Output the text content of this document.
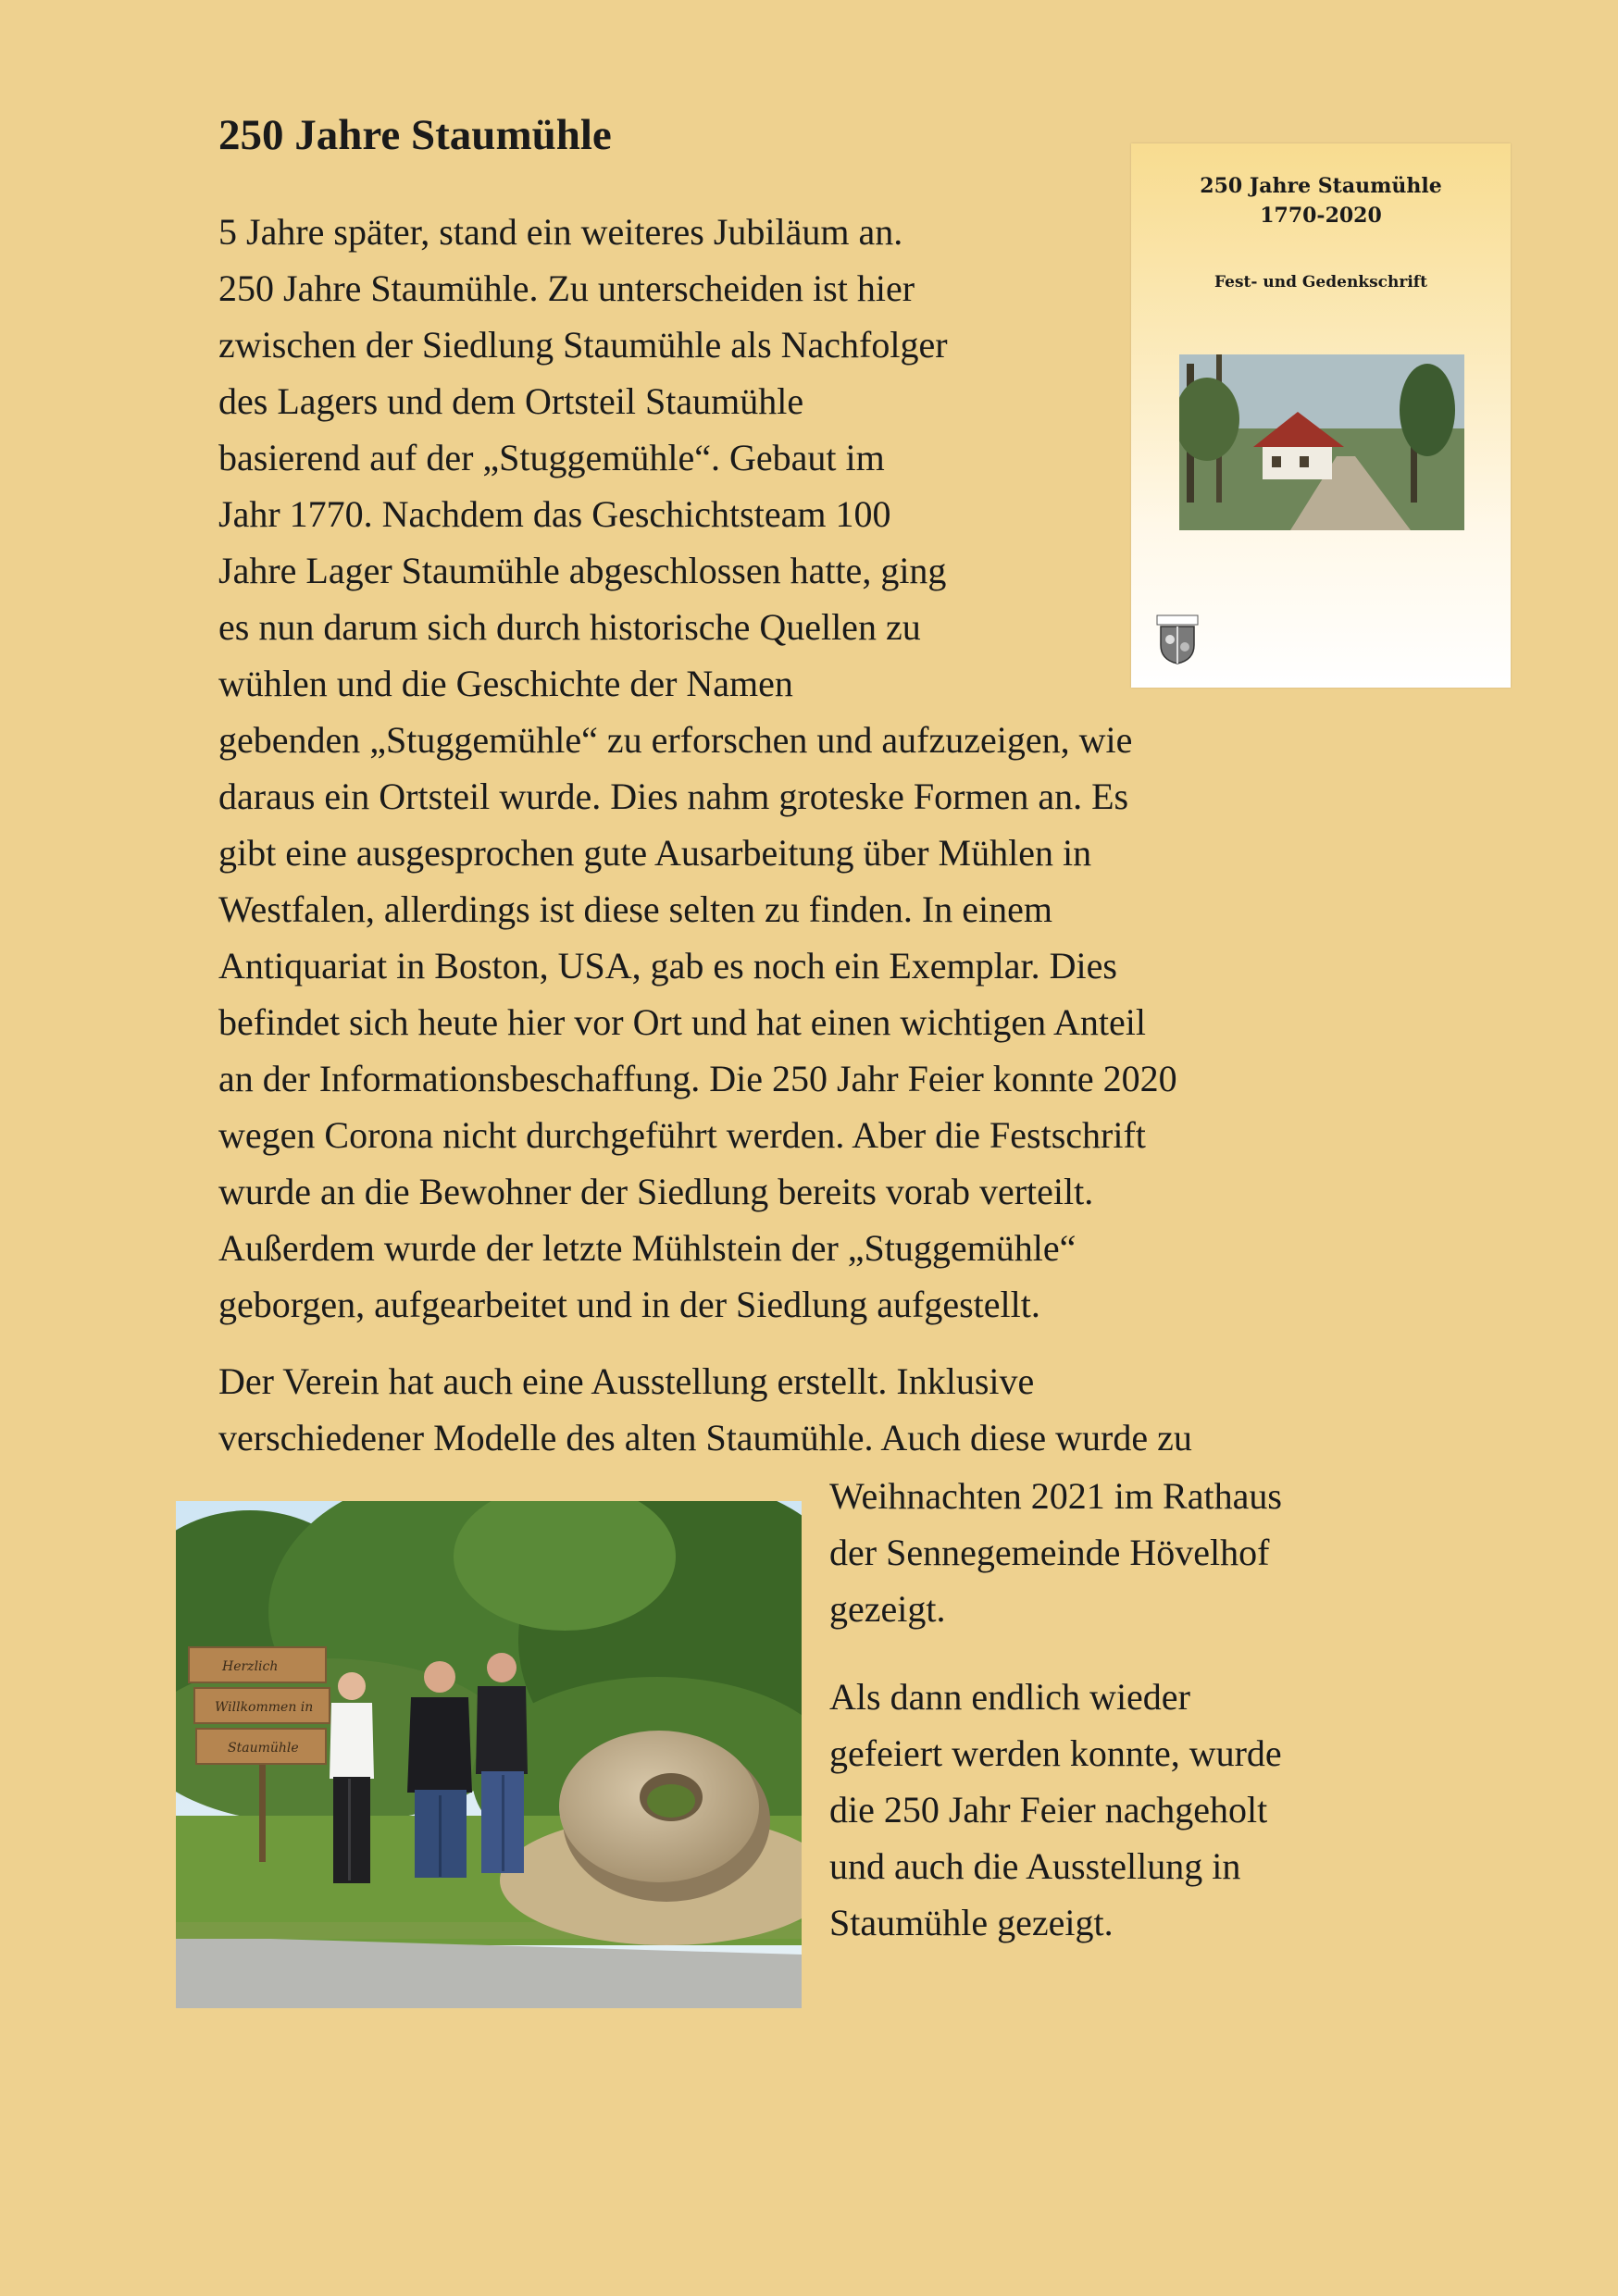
250 Jahre Staumühle
5 Jahre später, stand ein weiteres Jubiläum an.
250 Jahre Staumühle. Zu unterscheiden ist hier
zwischen der Siedlung Staumühle als Nachfolger
des Lagers und dem Ortsteil Staumühle
basierend auf der „Stuggemühle“. Gebaut im
Jahr 1770. Nachdem das Geschichtsteam 100
Jahre Lager Staumühle abgeschlossen hatte, ging
es nun darum sich durch historische Quellen zu
wühlen und die Geschichte der Namen
gebenden „Stuggemühle“ zu erforschen und aufzuzeigen, wie
daraus ein Ortsteil wurde. Dies nahm groteske Formen an. Es
gibt eine ausgesprochen gute Ausarbeitung über Mühlen in
Westfalen, allerdings ist diese selten zu finden. In einem
Antiquariat in Boston, USA, gab es noch ein Exemplar. Dies
befindet sich heute hier vor Ort und hat einen wichtigen Anteil
an der Informationsbeschaffung. Die 250 Jahr Feier konnte 2020
wegen Corona nicht durchgeführt werden. Aber die Festschrift
wurde an die Bewohner der Siedlung bereits vorab verteilt.
Außerdem wurde der letzte Mühlstein der „Stuggemühle“
geborgen, aufgearbeitet und in der Siedlung aufgestellt.
Der Verein hat auch eine Ausstellung erstellt. Inklusive
verschiedener Modelle des alten Staumühle. Auch diese wurde zu
Weihnachten 2021 im Rathaus
der Sennegemeinde Hövelhof
gezeigt.
Als dann endlich wieder
gefeiert werden konnte, wurde
die 250 Jahr Feier nachgeholt
und auch die Ausstellung in
Staumühle gezeigt.
250 Jahre Staumühle
1770-2020
Fest- und Gedenkschrift
Herzlich
Willkommen in
Staumühle
